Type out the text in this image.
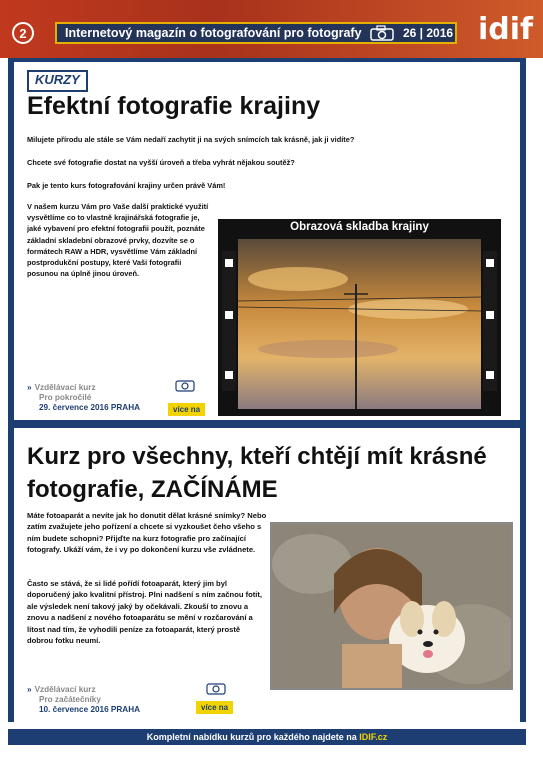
2	Internetový magazín o fotografování pro fotografy	26 | 2016 idif
KURZY
Efektní fotografie krajiny
Milujete přírodu ale stále se Vám nedaří zachytit ji na svých snímcích tak krásně, jak ji vidíte?
Chcete své fotografie dostat na vyšší úroveň a třeba vyhrát nějakou soutěž?
Pak je tento kurs fotografování krajiny určen právě Vám!
V našem kurzu Vám pro Vaše další praktické využití vysvětlíme co to vlastně krajinářská fotografie je, jaké vybavení pro efektní fotografii použít, poznáte základní skladební obrazové prvky, dozvíte se o formátech RAW a HDR, vysvětlíme Vám základní postprodukční postupy, které Vaši fotografii posunou na úplně jinou úroveň.
Obrazová skladba krajiny
» Vzdělávací kurz
Pro pokročilé
29. července 2016 PRAHA	více na
Kurz pro všechny, kteří chtějí mít krásné fotografie, ZAČÍNÁME
Máte fotoaparát a nevíte jak ho donutit dělat krásné snímky? Nebo zatím zvažujete jeho pořízení a chcete si vyzkoušet čeho všeho s ním budete schopni? Přijďte na kurz fotografie pro začínající fotografy. Ukáží vám, že i vy po dokončení kurzu vše zvládnete.
Často se stává, že si lidé pořídí fotoaparát, který jim byl doporučený jako kvalitní přístroj. Plni nadšení s ním začnou fotit, ale výsledek není takový jaký by očekávali. Zkouší to znovu a znovu a nadšení z nového fotoaparátu se mění v rozčarování a lítost nad tím, že vyhodili peníze za fotoaparát, který prostě dobrou fotku neumí.
» Vzdělávací kurz
Pro začátečníky
10. července 2016 PRAHA	více na
Kompletní nabídku kurzů pro každého najdete na IDIF.cz
